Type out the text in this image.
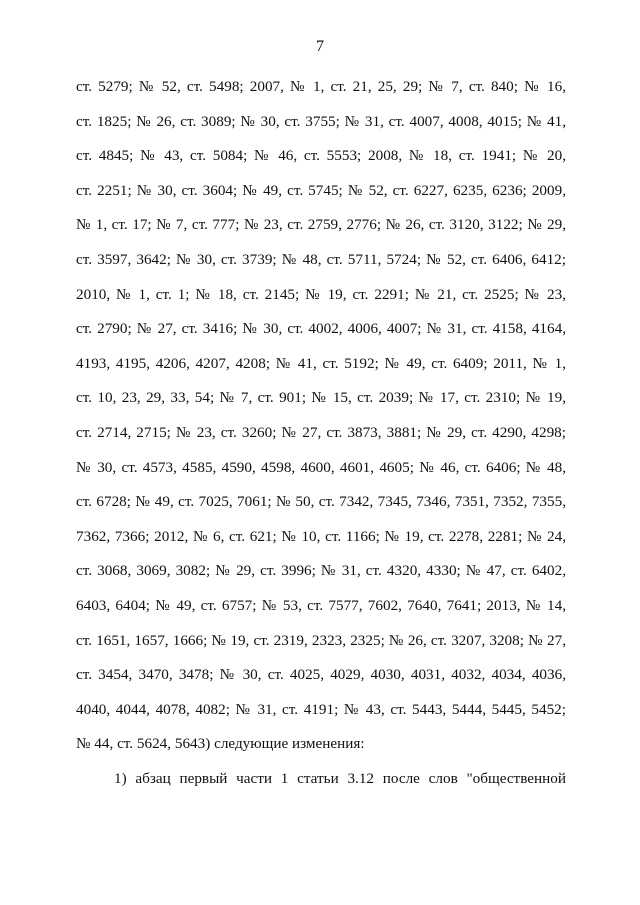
7
ст. 5279; № 52, ст. 5498; 2007, № 1, ст. 21, 25, 29; № 7, ст. 840; № 16,
ст. 1825; № 26, ст. 3089; № 30, ст. 3755; № 31, ст. 4007, 4008, 4015; № 41,
ст. 4845; № 43, ст. 5084; № 46, ст. 5553; 2008, № 18, ст. 1941; № 20,
ст. 2251; № 30, ст. 3604; № 49, ст. 5745; № 52, ст. 6227, 6235, 6236; 2009,
№ 1, ст. 17; № 7, ст. 777; № 23, ст. 2759, 2776; № 26, ст. 3120, 3122; № 29,
ст. 3597, 3642; № 30, ст. 3739; № 48, ст. 5711, 5724; № 52, ст. 6406, 6412;
2010, № 1, ст. 1; № 18, ст. 2145; № 19, ст. 2291; № 21, ст. 2525; № 23,
ст. 2790; № 27, ст. 3416; № 30, ст. 4002, 4006, 4007; № 31, ст. 4158, 4164,
4193, 4195, 4206, 4207, 4208; № 41, ст. 5192; № 49, ст. 6409; 2011, № 1,
ст. 10, 23, 29, 33, 54; № 7, ст. 901; № 15, ст. 2039; № 17, ст. 2310; № 19,
ст. 2714, 2715; № 23, ст. 3260; № 27, ст. 3873, 3881; № 29, ст. 4290, 4298;
№ 30, ст. 4573, 4585, 4590, 4598, 4600, 4601, 4605; № 46, ст. 6406; № 48,
ст. 6728; № 49, ст. 7025, 7061; № 50, ст. 7342, 7345, 7346, 7351, 7352, 7355,
7362, 7366; 2012, № 6, ст. 621; № 10, ст. 1166; № 19, ст. 2278, 2281; № 24,
ст. 3068, 3069, 3082; № 29, ст. 3996; № 31, ст. 4320, 4330; № 47, ст. 6402,
6403, 6404; № 49, ст. 6757; № 53, ст. 7577, 7602, 7640, 7641; 2013, № 14,
ст. 1651, 1657, 1666; № 19, ст. 2319, 2323, 2325; № 26, ст. 3207, 3208; № 27,
ст. 3454, 3470, 3478; № 30, ст. 4025, 4029, 4030, 4031, 4032, 4034, 4036,
4040, 4044, 4078, 4082; № 31, ст. 4191; № 43, ст. 5443, 5444, 5445, 5452;
№ 44, ст. 5624, 5643) следующие изменения:
1) абзац первый части 1 статьи 3.12 после слов "общественной
